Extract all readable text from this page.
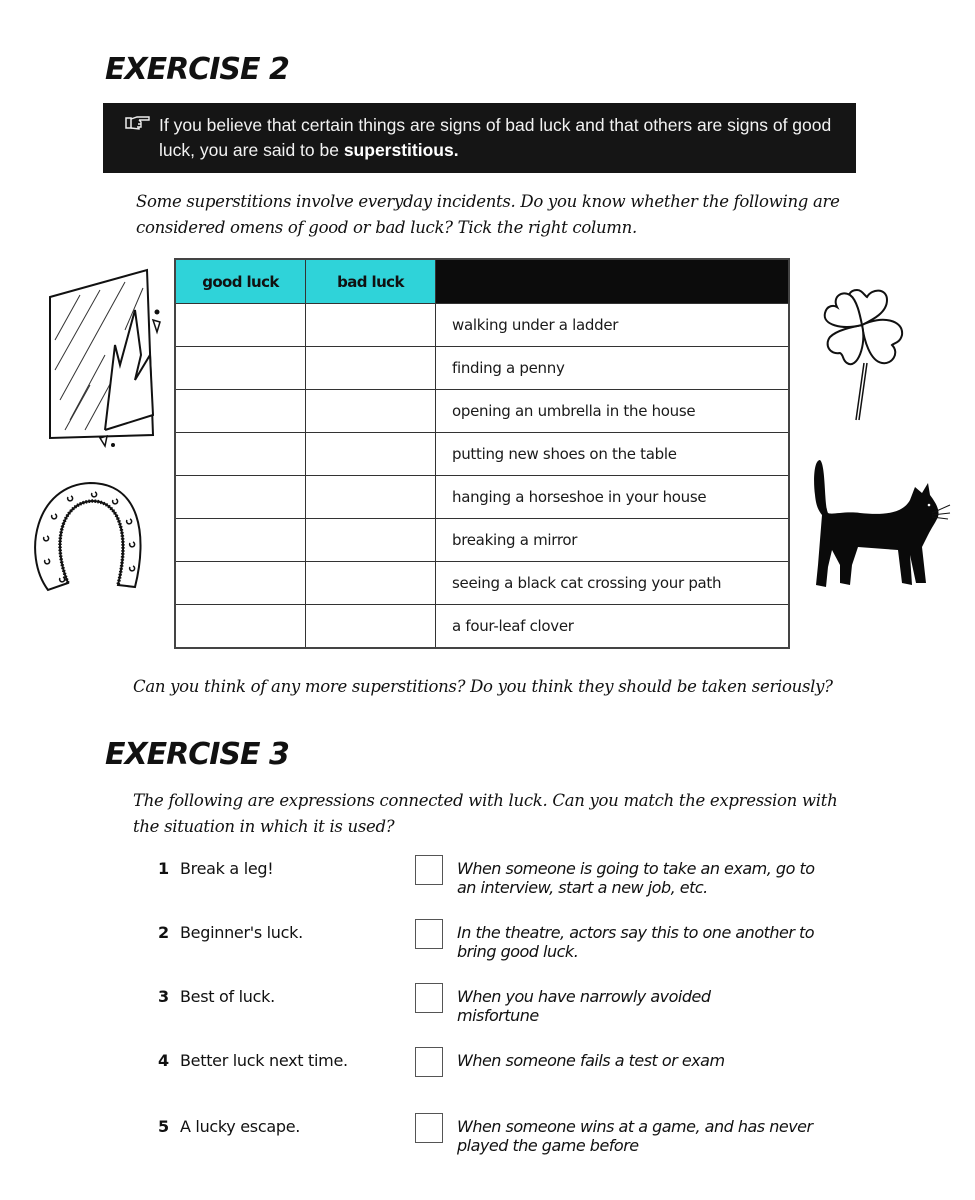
EXERCISE 2
If you believe that certain things are signs of bad luck and that others are signs of good luck, you are said to be superstitious.
Some superstitions involve everyday incidents. Do you know whether the following are considered omens of good or bad luck? Tick the right column.
good luck	bad luck	
		walking under a ladder
		finding a penny
		opening an umbrella in the house
		putting new shoes on the table
		hanging a horseshoe in your house
		breaking a mirror
		seeing a black cat crossing your path
		a four-leaf clover
Can you think of any more superstitions? Do you think they should be taken seriously?
EXERCISE 3
The following are expressions connected with luck. Can you match the expression with the situation in which it is used?
1 Break a leg!	When someone is going to take an exam, go to an interview, start a new job, etc.
2 Beginner's luck.	In the theatre, actors say this to one another to bring good luck.
3 Best of luck.	When you have narrowly avoided misfortune
4 Better luck next time.	When someone fails a test or exam
5 A lucky escape.	When someone wins at a game, and has never played the game before
